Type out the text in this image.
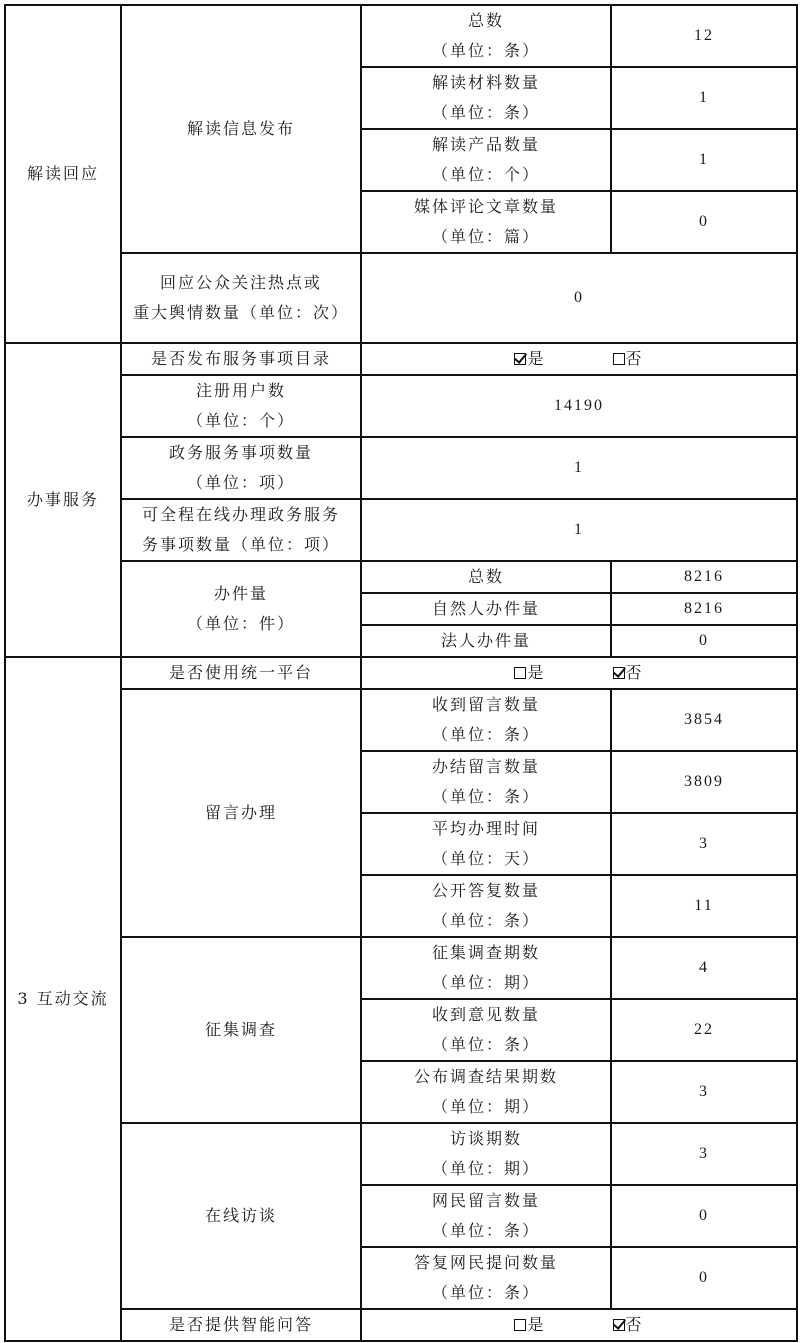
解读回应	解读信息发布	总数
（单位：条）	12

		解读材料数量
（单位：条）	1

		解读产品数量
（单位：个）	1

		媒体评论文章数量
（单位：篇）	0

	回应公众关注热点或
重大舆情数量（单位：次）	0	
办事服务	是否发布服务事项目录	是 否	

	注册用户数
（单位：个）	14190	

	政务服务事项数量
（单位：项）	1	

	可全程在线办理政务服务
务事项数量（单位：项）	1	

	办件量
（单位：件）	总数	8216
		自然人办件量	8216
		法人办件量	0
3 互动交流	是否使用统一平台	是 否	
	留言办理	收到留言数量
（单位：条）	3854

		办结留言数量
（单位：条）	3809

		平均办理时间
（单位：天）	3

		公开答复数量
（单位：条）	11
	征集调查	征集调查期数
（单位：期）	4

		收到意见数量
（单位：条）	22

		公布调查结果期数
（单位：期）	3
	在线访谈	访谈期数
（单位：期）	3

		网民留言数量
（单位：条）	0

		答复网民提问数量
（单位：条）	0
	是否提供智能问答	是 否	
